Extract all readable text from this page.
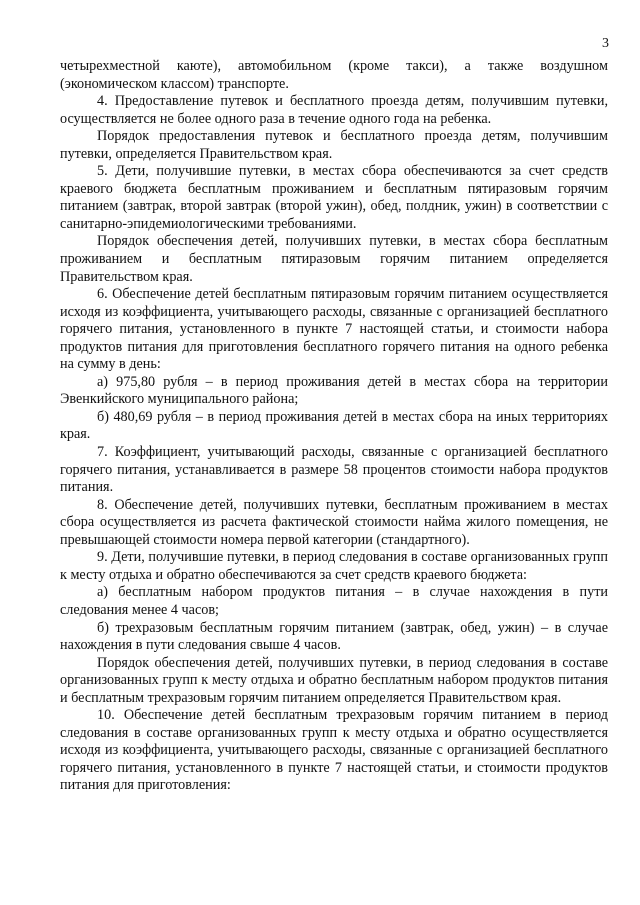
3

четырехместной каюте), автомобильном (кроме такси), а также воздушном (экономическом классом) транспорте.

4. Предоставление путевок и бесплатного проезда детям, получившим путевки, осуществляется не более одного раза в течение одного года на ребенка.

Порядок предоставления путевок и бесплатного проезда детям, получившим путевки, определяется Правительством края.

5. Дети, получившие путевки, в местах сбора обеспечиваются за счет средств краевого бюджета бесплатным проживанием и бесплатным пятиразовым горячим питанием (завтрак, второй завтрак (второй ужин), обед, полдник, ужин) в соответствии с санитарно-эпидемиологическими требованиями.

Порядок обеспечения детей, получивших путевки, в местах сбора бесплатным проживанием и бесплатным пятиразовым горячим питанием определяется Правительством края.

6. Обеспечение детей бесплатным пятиразовым горячим питанием осуществляется исходя из коэффициента, учитывающего расходы, связанные с организацией бесплатного горячего питания, установленного в пункте 7 настоящей статьи, и стоимости набора продуктов питания для приготовления бесплатного горячего питания на одного ребенка на сумму в день:

а) 975,80 рубля – в период проживания детей в местах сбора на территории Эвенкийского муниципального района;

б) 480,69 рубля – в период проживания детей в местах сбора на иных территориях края.

7. Коэффициент, учитывающий расходы, связанные с организацией бесплатного горячего питания, устанавливается в размере 58 процентов стоимости набора продуктов питания.

8. Обеспечение детей, получивших путевки, бесплатным проживанием в местах сбора осуществляется из расчета фактической стоимости найма жилого помещения, не превышающей стоимости номера первой категории (стандартного).

9. Дети, получившие путевки, в период следования в составе организованных групп к месту отдыха и обратно обеспечиваются за счет средств краевого бюджета:

а) бесплатным набором продуктов питания – в случае нахождения в пути следования менее 4 часов;

б) трехразовым бесплатным горячим питанием (завтрак, обед, ужин) – в случае нахождения в пути следования свыше 4 часов.

Порядок обеспечения детей, получивших путевки, в период следования в составе организованных групп к месту отдыха и обратно бесплатным набором продуктов питания и бесплатным трехразовым горячим питанием определяется Правительством края.

10. Обеспечение детей бесплатным трехразовым горячим питанием в период следования в составе организованных групп к месту отдыха и обратно осуществляется исходя из коэффициента, учитывающего расходы, связанные с организацией бесплатного горячего питания, установленного в пункте 7 настоящей статьи, и стоимости продуктов питания для приготовления:
